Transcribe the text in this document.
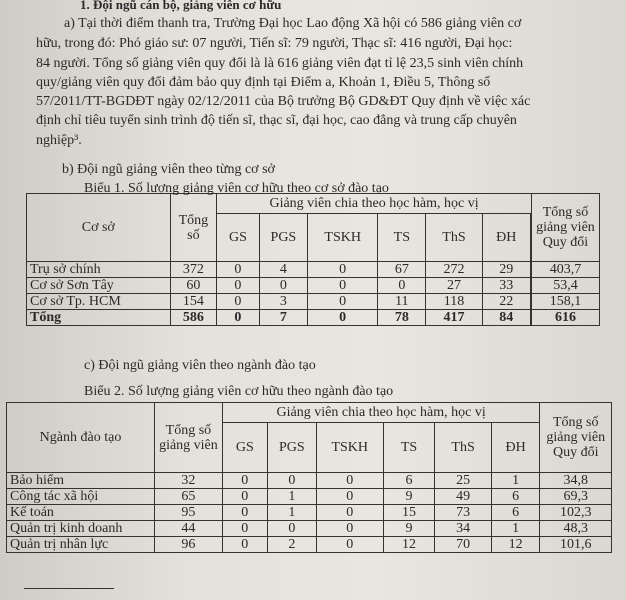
1. Đội ngũ cán bộ, giảng viên cơ hữu
a) Tại thời điểm thanh tra, Trường Đại học Lao động Xã hội có 586 giảng viên cơ
hữu, trong đó: Phó giáo sư: 07 người, Tiến sĩ: 79 người, Thạc sĩ: 416 người, Đại học:
84 người. Tổng số giảng viên quy đổi là là 616 giảng viên đạt tỉ lệ 23,5 sinh viên chính
quy/giảng viên quy đổi đảm bảo quy định tại Điểm a, Khoản 1, Điều 5, Thông số
57/2011/TT-BGDĐT ngày 02/12/2011 của Bộ trưởng Bộ GD&ĐT Quy định về việc xác
định chỉ tiêu tuyển sinh trình độ tiến sĩ, thạc sĩ, đại học, cao đẳng và trung cấp chuyên
nghiệp³.
b) Đội ngũ giảng viên theo từng cơ sở
Biểu 1. Số lượng giảng viên cơ hữu theo cơ sở đào tạo
Cơ sở	Tổng số	Giảng viên chia theo học hàm, học vị						Tổng số giảng viên Quy đổi
		GS	PGS	TSKH	TS	ThS	ĐH	
Trụ sở chính	372	0	4	0	67	272	29		403,7
Cơ sở Sơn Tây	60	0	0	0	0	27	33		53,4
Cơ sở Tp. HCM	154	0	3	0	11	118	22		158,1
Tổng	586	0	7	0	78	417	84		616
c) Đội ngũ giảng viên theo ngành đào tạo
Biểu 2. Số lượng giảng viên cơ hữu theo ngành đào tạo
Ngành đào tạo	Tổng số giảng viên	Giảng viên chia theo học hàm, học vị						Tổng số giảng viên Quy đổi
		GS	PGS	TSKH	TS	ThS	ĐH	
Bảo hiểm	32	0	0	0	6	25	1	34,8
Công tác xã hội	65	0	1	0	9	49	6	69,3
Kế toán	95	0	1	0	15	73	6	102,3
Quản trị kinh doanh	44	0	0	0	9	34	1	48,3
Quản trị nhân lực	96	0	2	0	12	70	12	101,6
